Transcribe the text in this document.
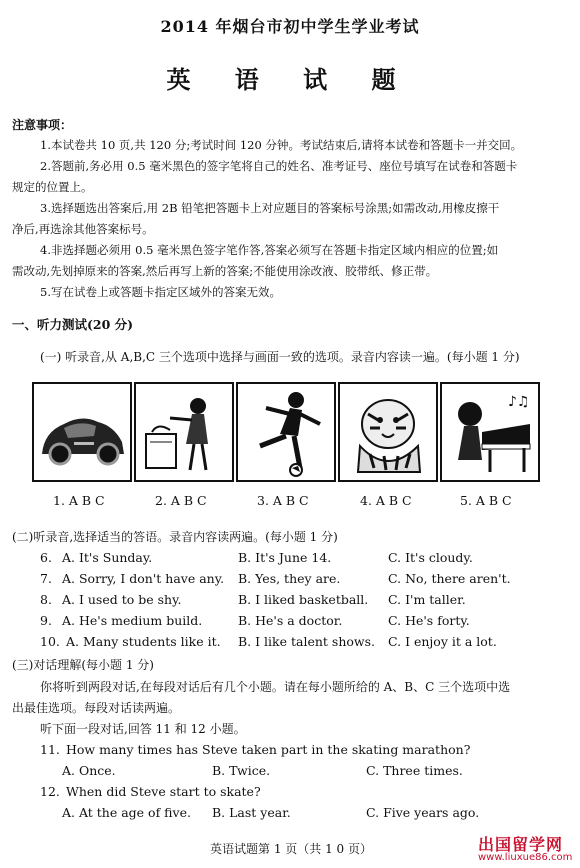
2014 年烟台市初中学生学业考试
英 语 试 题
注意事项：
1.本试卷共 10 页,共 120 分;考试时间 120 分钟。考试结束后,请将本试卷和答题卡一并交回。
2.答题前,务必用 0.5 毫米黑色的签字笔将自己的姓名、准考证号、座位号填写在试卷和答题卡
规定的位置上。
3.选择题选出答案后,用 2B 铅笔把答题卡上对应题目的答案标号涂黑;如需改动,用橡皮擦干
净后,再选涂其他答案标号。
4.非选择题必须用 0.5 毫米黑色签字笔作答,答案必须写在答题卡指定区域内相应的位置;如
需改动,先划掉原来的答案,然后再写上新的答案;不能使用涂改液、胶带纸、修正带。
5.写在试卷上或答题卡指定区域外的答案无效。
一、听力测试(20 分)
(一) 听录音,从 A,B,C 三个选项中选择与画面一致的选项。录音内容读一遍。(每小题 1 分)
♪♫
1. A B C	2. A B C	3. A B C	4. A B C	5. A B C
(二)听录音,选择适当的答语。录音内容读两遍。(每小题 1 分)
6. A. It's Sunday.	B. It's June 14.	C. It's cloudy.
7. A. Sorry, I don't have any. B. Yes, they are.	C. No, there aren't.
8. A. I used to be shy.	B. I liked basketball. C. I'm taller.
9. A. He's medium build.	B. He's a doctor.	C. He's forty.
10. A. Many students like it. B. I like talent shows. C. I enjoy it a lot.
(三)对话理解(每小题 1 分)
你将听到两段对话,在每段对话后有几个小题。请在每小题所给的 A、B、C 三个选项中选
出最佳选项。每段对话读两遍。
听下面一段对话,回答 11 和 12 小题。
11. How many times has Steve taken part in the skating marathon?
A. Once.	B. Twice.	C. Three times.
12. When did Steve start to skate?
A. At the age of five. B. Last year.	C. Five years ago.
英语试题第 1 页（共 1 0 页）	出国留学网
www.liuxue86.com
